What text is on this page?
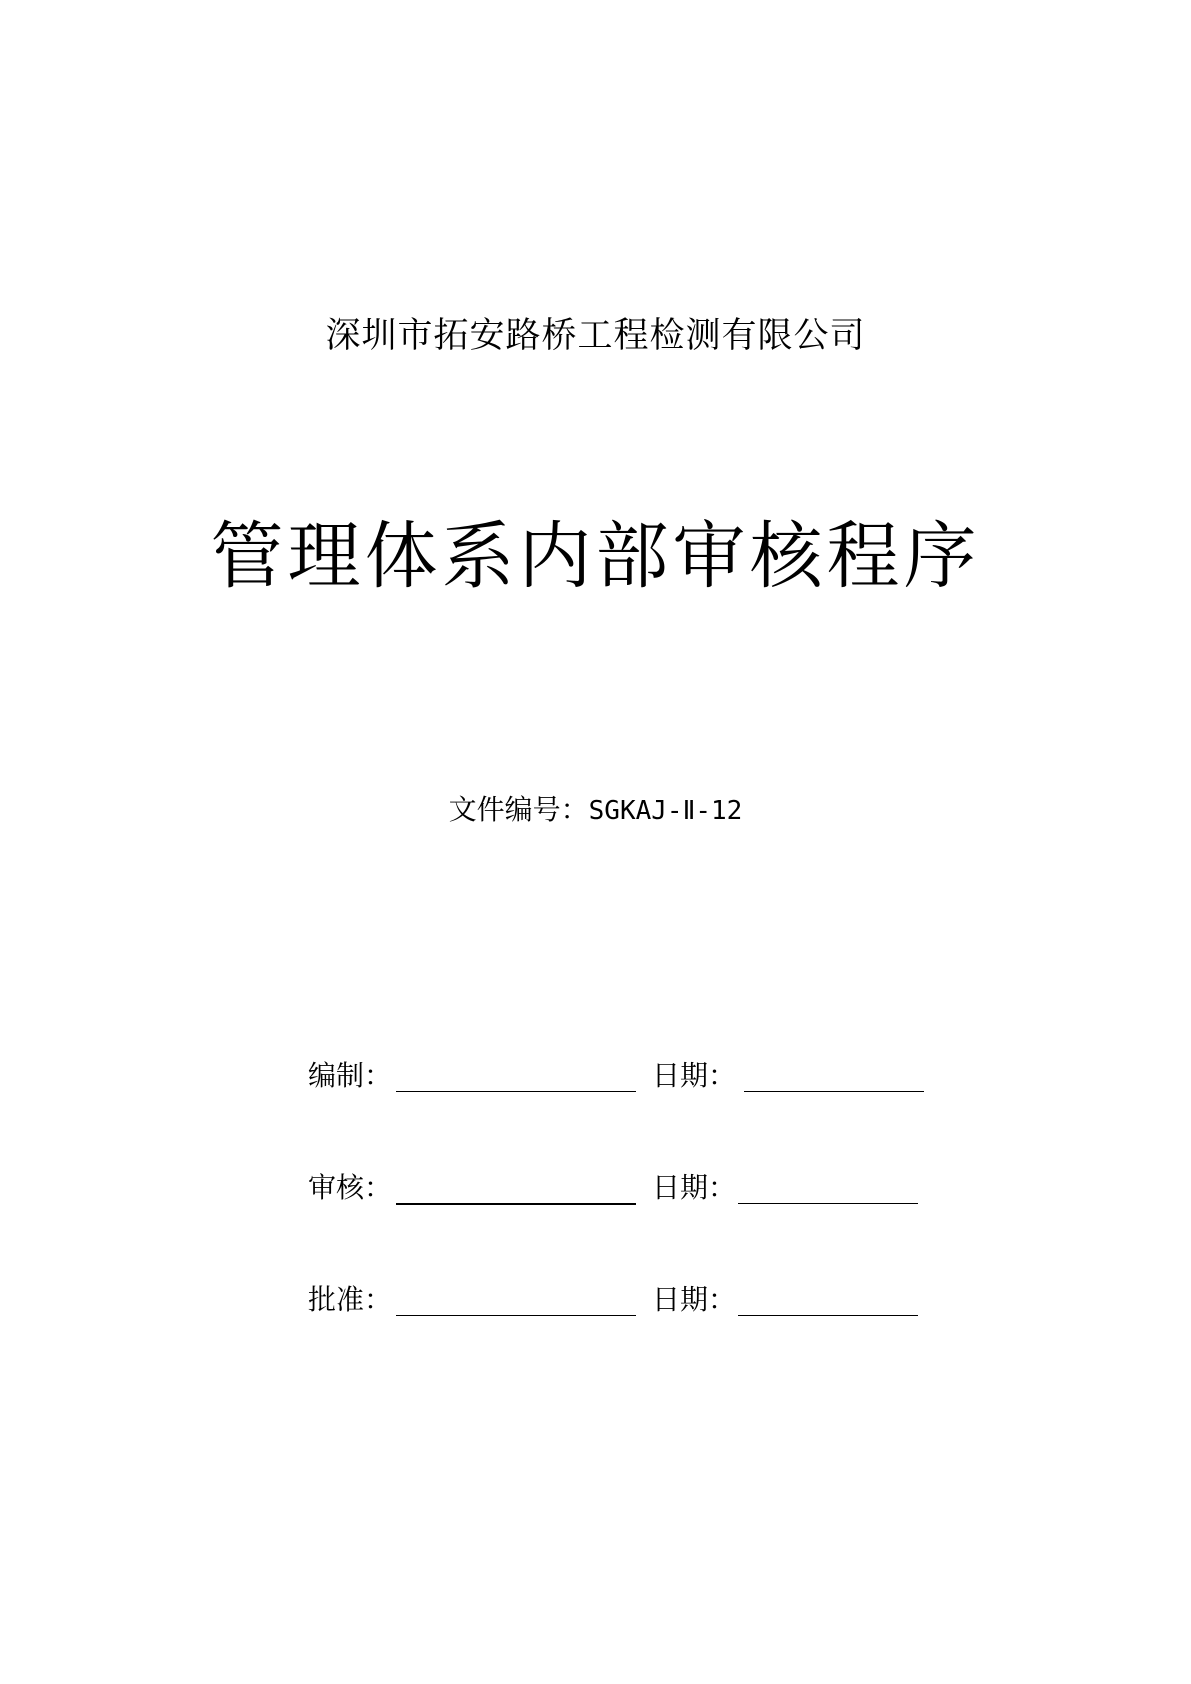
深圳市拓安路桥工程检测有限公司
管理体系内部审核程序
文件编号：SGKAJ-Ⅱ-12
编制：	日期：
审核：	日期：
批准：	日期：
